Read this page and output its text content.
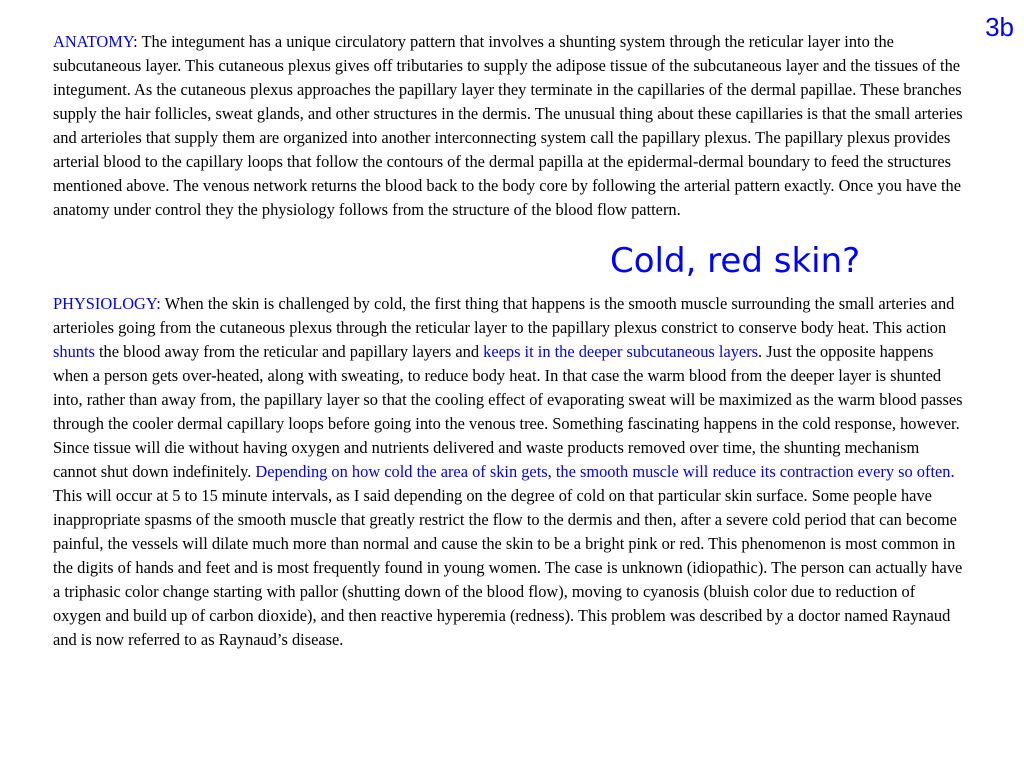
3b

ANATOMY: The integument has a unique circulatory pattern that involves a shunting system through the reticular layer into the subcutaneous layer. This cutaneous plexus gives off tributaries to supply the adipose tissue of the subcutaneous layer and the tissues of the integument. As the cutaneous plexus approaches the papillary layer they terminate in the capillaries of the dermal papillae. These branches supply the hair follicles, sweat glands, and other structures in the dermis. The unusual thing about these capillaries is that the small arteries and arterioles that supply them are organized into another interconnecting system call the papillary plexus. The papillary plexus provides arterial blood to the capillary loops that follow the contours of the dermal papilla at the epidermal-dermal boundary to feed the structures mentioned above. The venous network returns the blood back to the body core by following the arterial pattern exactly. Once you have the anatomy under control they the physiology follows from the structure of the blood flow pattern.

Cold, red skin?

PHYSIOLOGY: When the skin is challenged by cold, the first thing that happens is the smooth muscle surrounding the small arteries and arterioles going from the cutaneous plexus through the reticular layer to the papillary plexus constrict to conserve body heat. This action shunts the blood away from the reticular and papillary layers and keeps it in the deeper subcutaneous layers. Just the opposite happens when a person gets over-heated, along with sweating, to reduce body heat. In that case the warm blood from the deeper layer is shunted into, rather than away from, the papillary layer so that the cooling effect of evaporating sweat will be maximized as the warm blood passes through the cooler dermal capillary loops before going into the venous tree. Something fascinating happens in the cold response, however. Since tissue will die without having oxygen and nutrients delivered and waste products removed over time, the shunting mechanism cannot shut down indefinitely. Depending on how cold the area of skin gets, the smooth muscle will reduce its contraction every so often. This will occur at 5 to 15 minute intervals, as I said depending on the degree of cold on that particular skin surface. Some people have inappropriate spasms of the smooth muscle that greatly restrict the flow to the dermis and then, after a severe cold period that can become painful, the vessels will dilate much more than normal and cause the skin to be a bright pink or red. This phenomenon is most common in the digits of hands and feet and is most frequently found in young women. The case is unknown (idiopathic). The person can actually have a triphasic color change starting with pallor (shutting down of the blood flow), moving to cyanosis (bluish color due to reduction of oxygen and build up of carbon dioxide), and then reactive hyperemia (redness). This problem was described by a doctor named Raynaud and is now referred to as Raynaud’s disease.
